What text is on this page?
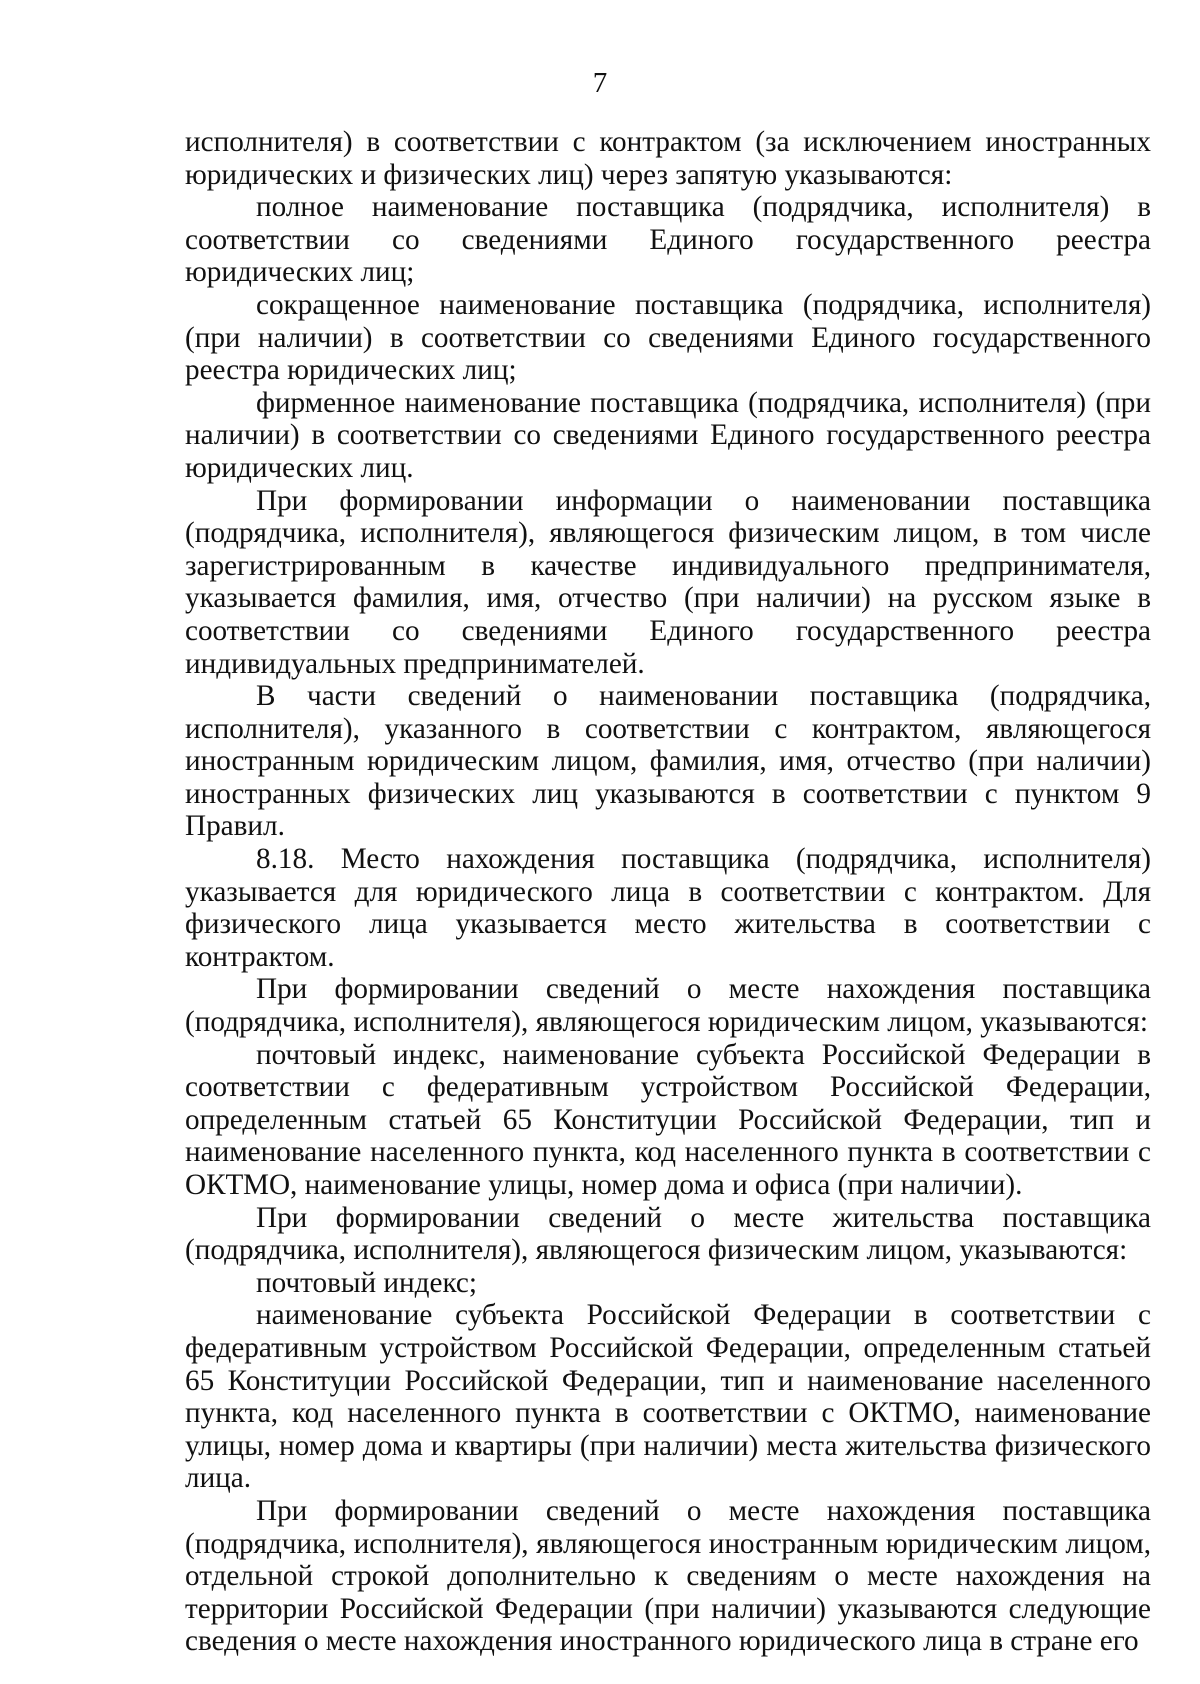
7

исполнителя) в соответствии с контрактом (за исключением иностранных юридических и физических лиц) через запятую указываются:

полное наименование поставщика (подрядчика, исполнителя) в соответствии со сведениями Единого государственного реестра юридических лиц;

сокращенное наименование поставщика (подрядчика, исполнителя) (при наличии) в соответствии со сведениями Единого государственного реестра юридических лиц;

фирменное наименование поставщика (подрядчика, исполнителя) (при наличии) в соответствии со сведениями Единого государственного реестра юридических лиц.

При формировании информации о наименовании поставщика (подрядчика, исполнителя), являющегося физическим лицом, в том числе зарегистрированным в качестве индивидуального предпринимателя, указывается фамилия, имя, отчество (при наличии) на русском языке в соответствии со сведениями Единого государственного реестра индивидуальных предпринимателей.

В части сведений о наименовании поставщика (подрядчика, исполнителя), указанного в соответствии с контрактом, являющегося иностранным юридическим лицом, фамилия, имя, отчество (при наличии) иностранных физических лиц указываются в соответствии с пунктом 9 Правил.

8.18. Место нахождения поставщика (подрядчика, исполнителя) указывается для юридического лица в соответствии с контрактом. Для физического лица указывается место жительства в соответствии с контрактом.

При формировании сведений о месте нахождения поставщика (подрядчика, исполнителя), являющегося юридическим лицом, указываются:

почтовый индекс, наименование субъекта Российской Федерации в соответствии с федеративным устройством Российской Федерации, определенным статьей 65 Конституции Российской Федерации, тип и наименование населенного пункта, код населенного пункта в соответствии с ОКТМО, наименование улицы, номер дома и офиса (при наличии).

При формировании сведений о месте жительства поставщика (подрядчика, исполнителя), являющегося физическим лицом, указываются:

почтовый индекс;

наименование субъекта Российской Федерации в соответствии с федеративным устройством Российской Федерации, определенным статьей 65 Конституции Российской Федерации, тип и наименование населенного пункта, код населенного пункта в соответствии с ОКТМО, наименование улицы, номер дома и квартиры (при наличии) места жительства физического лица.

При формировании сведений о месте нахождения поставщика (подрядчика, исполнителя), являющегося иностранным юридическим лицом, отдельной строкой дополнительно к сведениям о месте нахождения на территории Российской Федерации (при наличии) указываются следующие сведения о месте нахождения иностранного юридического лица в стране его
